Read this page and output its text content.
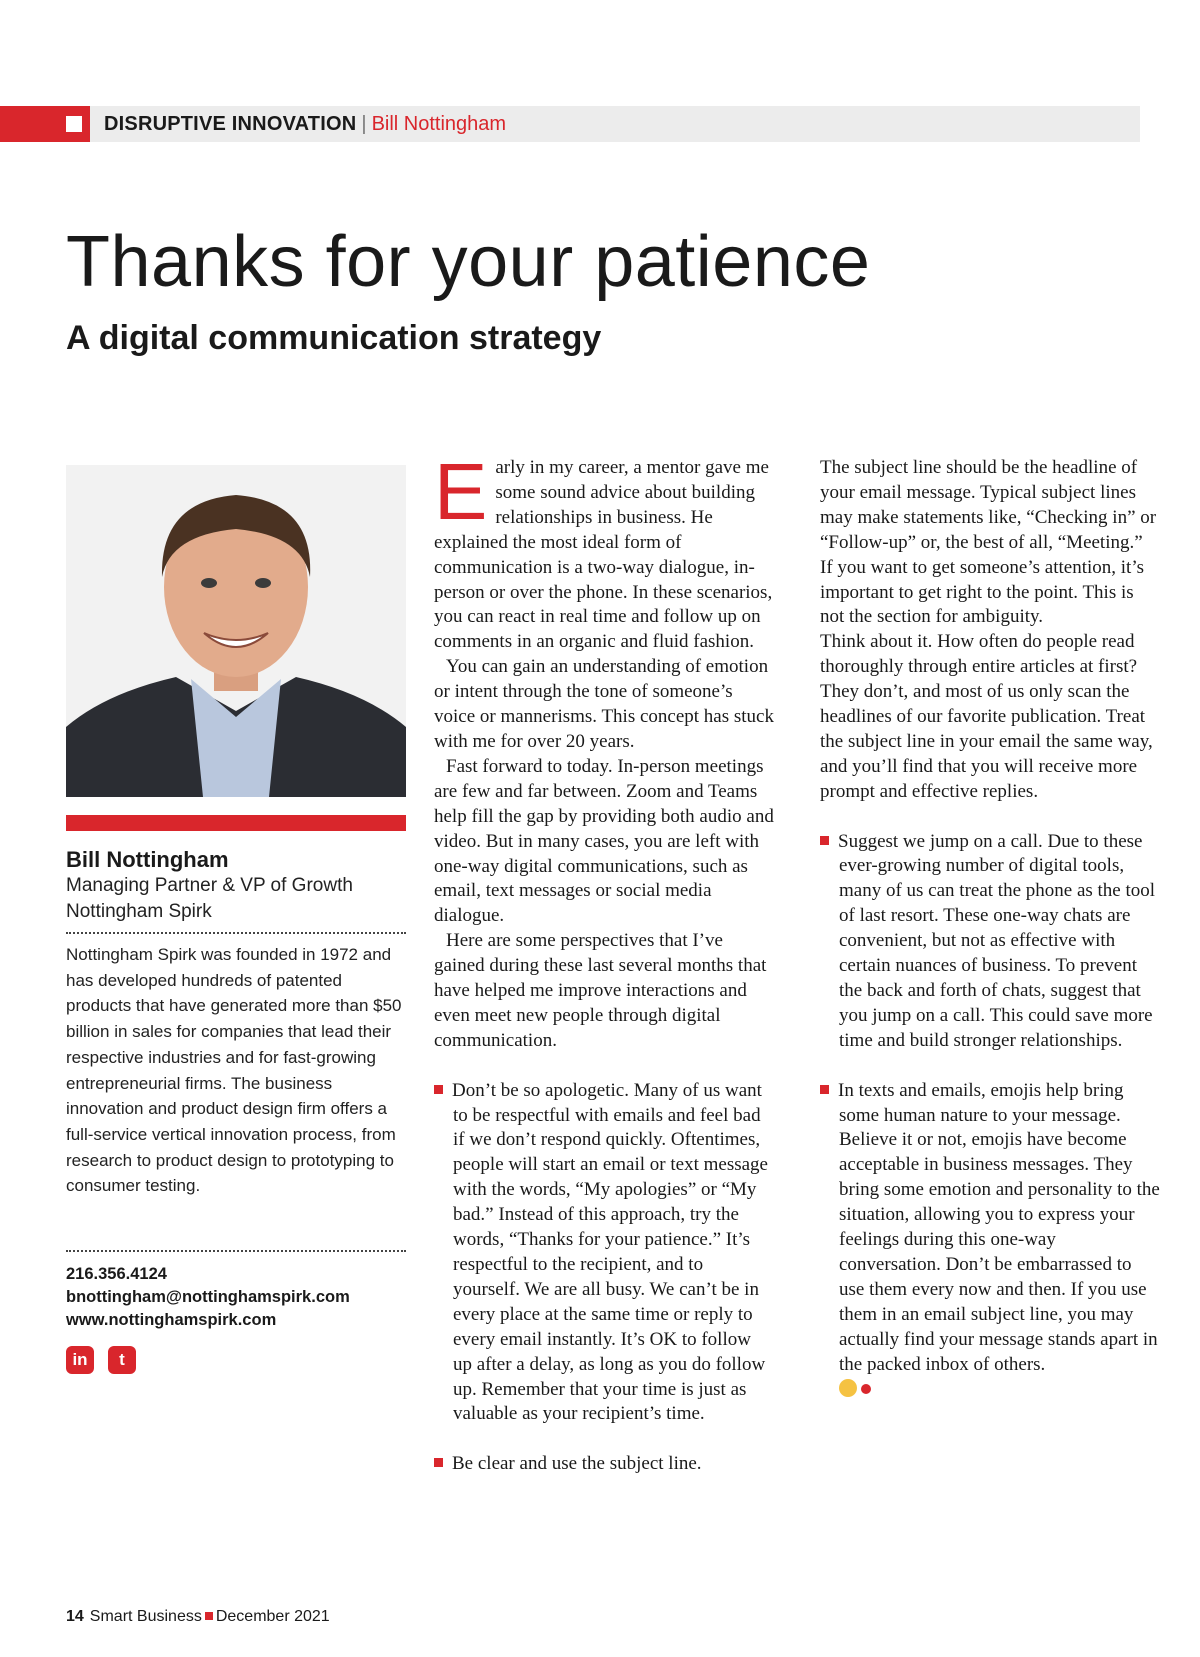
DISRUPTIVE INNOVATION | Bill Nottingham
Thanks for your patience
A digital communication strategy
Bill Nottingham
Managing Partner & VP of Growth
Nottingham Spirk

Nottingham Spirk was founded in 1972 and has developed hundreds of patented products that have generated more than $50 billion in sales for companies that lead their respective industries and for fast-growing entrepreneurial firms. The business innovation and product design firm offers a full-service vertical innovation process, from research to product design to prototyping to consumer testing.

216.356.4124
bnottingham@nottinghamspirk.com
www.nottinghamspirk.com
in	t

Early in my career, a mentor gave me some sound advice about building relationships in business. He explained the most ideal form of communication is a two-way dialogue, in-person or over the phone. In these scenarios, you can react in real time and follow up on comments in an organic and fluid fashion.

You can gain an understanding of emotion or intent through the tone of someone’s voice or mannerisms. This concept has stuck with me for over 20 years.

Fast forward to today. In-person meetings are few and far between. Zoom and Teams help fill the gap by providing both audio and video. But in many cases, you are left with one-way digital communications, such as email, text messages or social media dialogue.

Here are some perspectives that I’ve gained during these last several months that have helped me improve interactions and even meet new people through digital communication.

Don’t be so apologetic. Many of us want to be respectful with emails and feel bad if we don’t respond quickly. Oftentimes, people will start an email or text message with the words, “My apologies” or “My bad.” Instead of this approach, try the words, “Thanks for your patience.” It’s respectful to the recipient, and to yourself. We are all busy. We can’t be in every place at the same time or reply to every email instantly. It’s OK to follow up after a delay, as long as you do follow up. Remember that your time is just as valuable as your recipient’s time.

Be clear and use the subject line.

The subject line should be the headline of your email message. Typical subject lines may make statements like, “Checking in” or “Follow-up” or, the best of all, “Meeting.” If you want to get someone’s attention, it’s important to get right to the point. This is not the section for ambiguity.

Think about it. How often do people read thoroughly through entire articles at first? They don’t, and most of us only scan the headlines of our favorite publication. Treat the subject line in your email the same way, and you’ll find that you will receive more prompt and effective replies.

Suggest we jump on a call. Due to these ever-growing number of digital tools, many of us can treat the phone as the tool of last resort. These one-way chats are convenient, but not as effective with certain nuances of business. To prevent the back and forth of chats, suggest that you jump on a call. This could save more time and build stronger relationships.

In texts and emails, emojis help bring some human nature to your message. Believe it or not, emojis have become acceptable in business messages. They bring some emotion and personality to the situation, allowing you to express your feelings during this one-way conversation. Don’t be embarrassed to use them every now and then. If you use them in an email subject line, you may actually find your message stands apart in the packed inbox of others.

14 Smart Business December 2021
